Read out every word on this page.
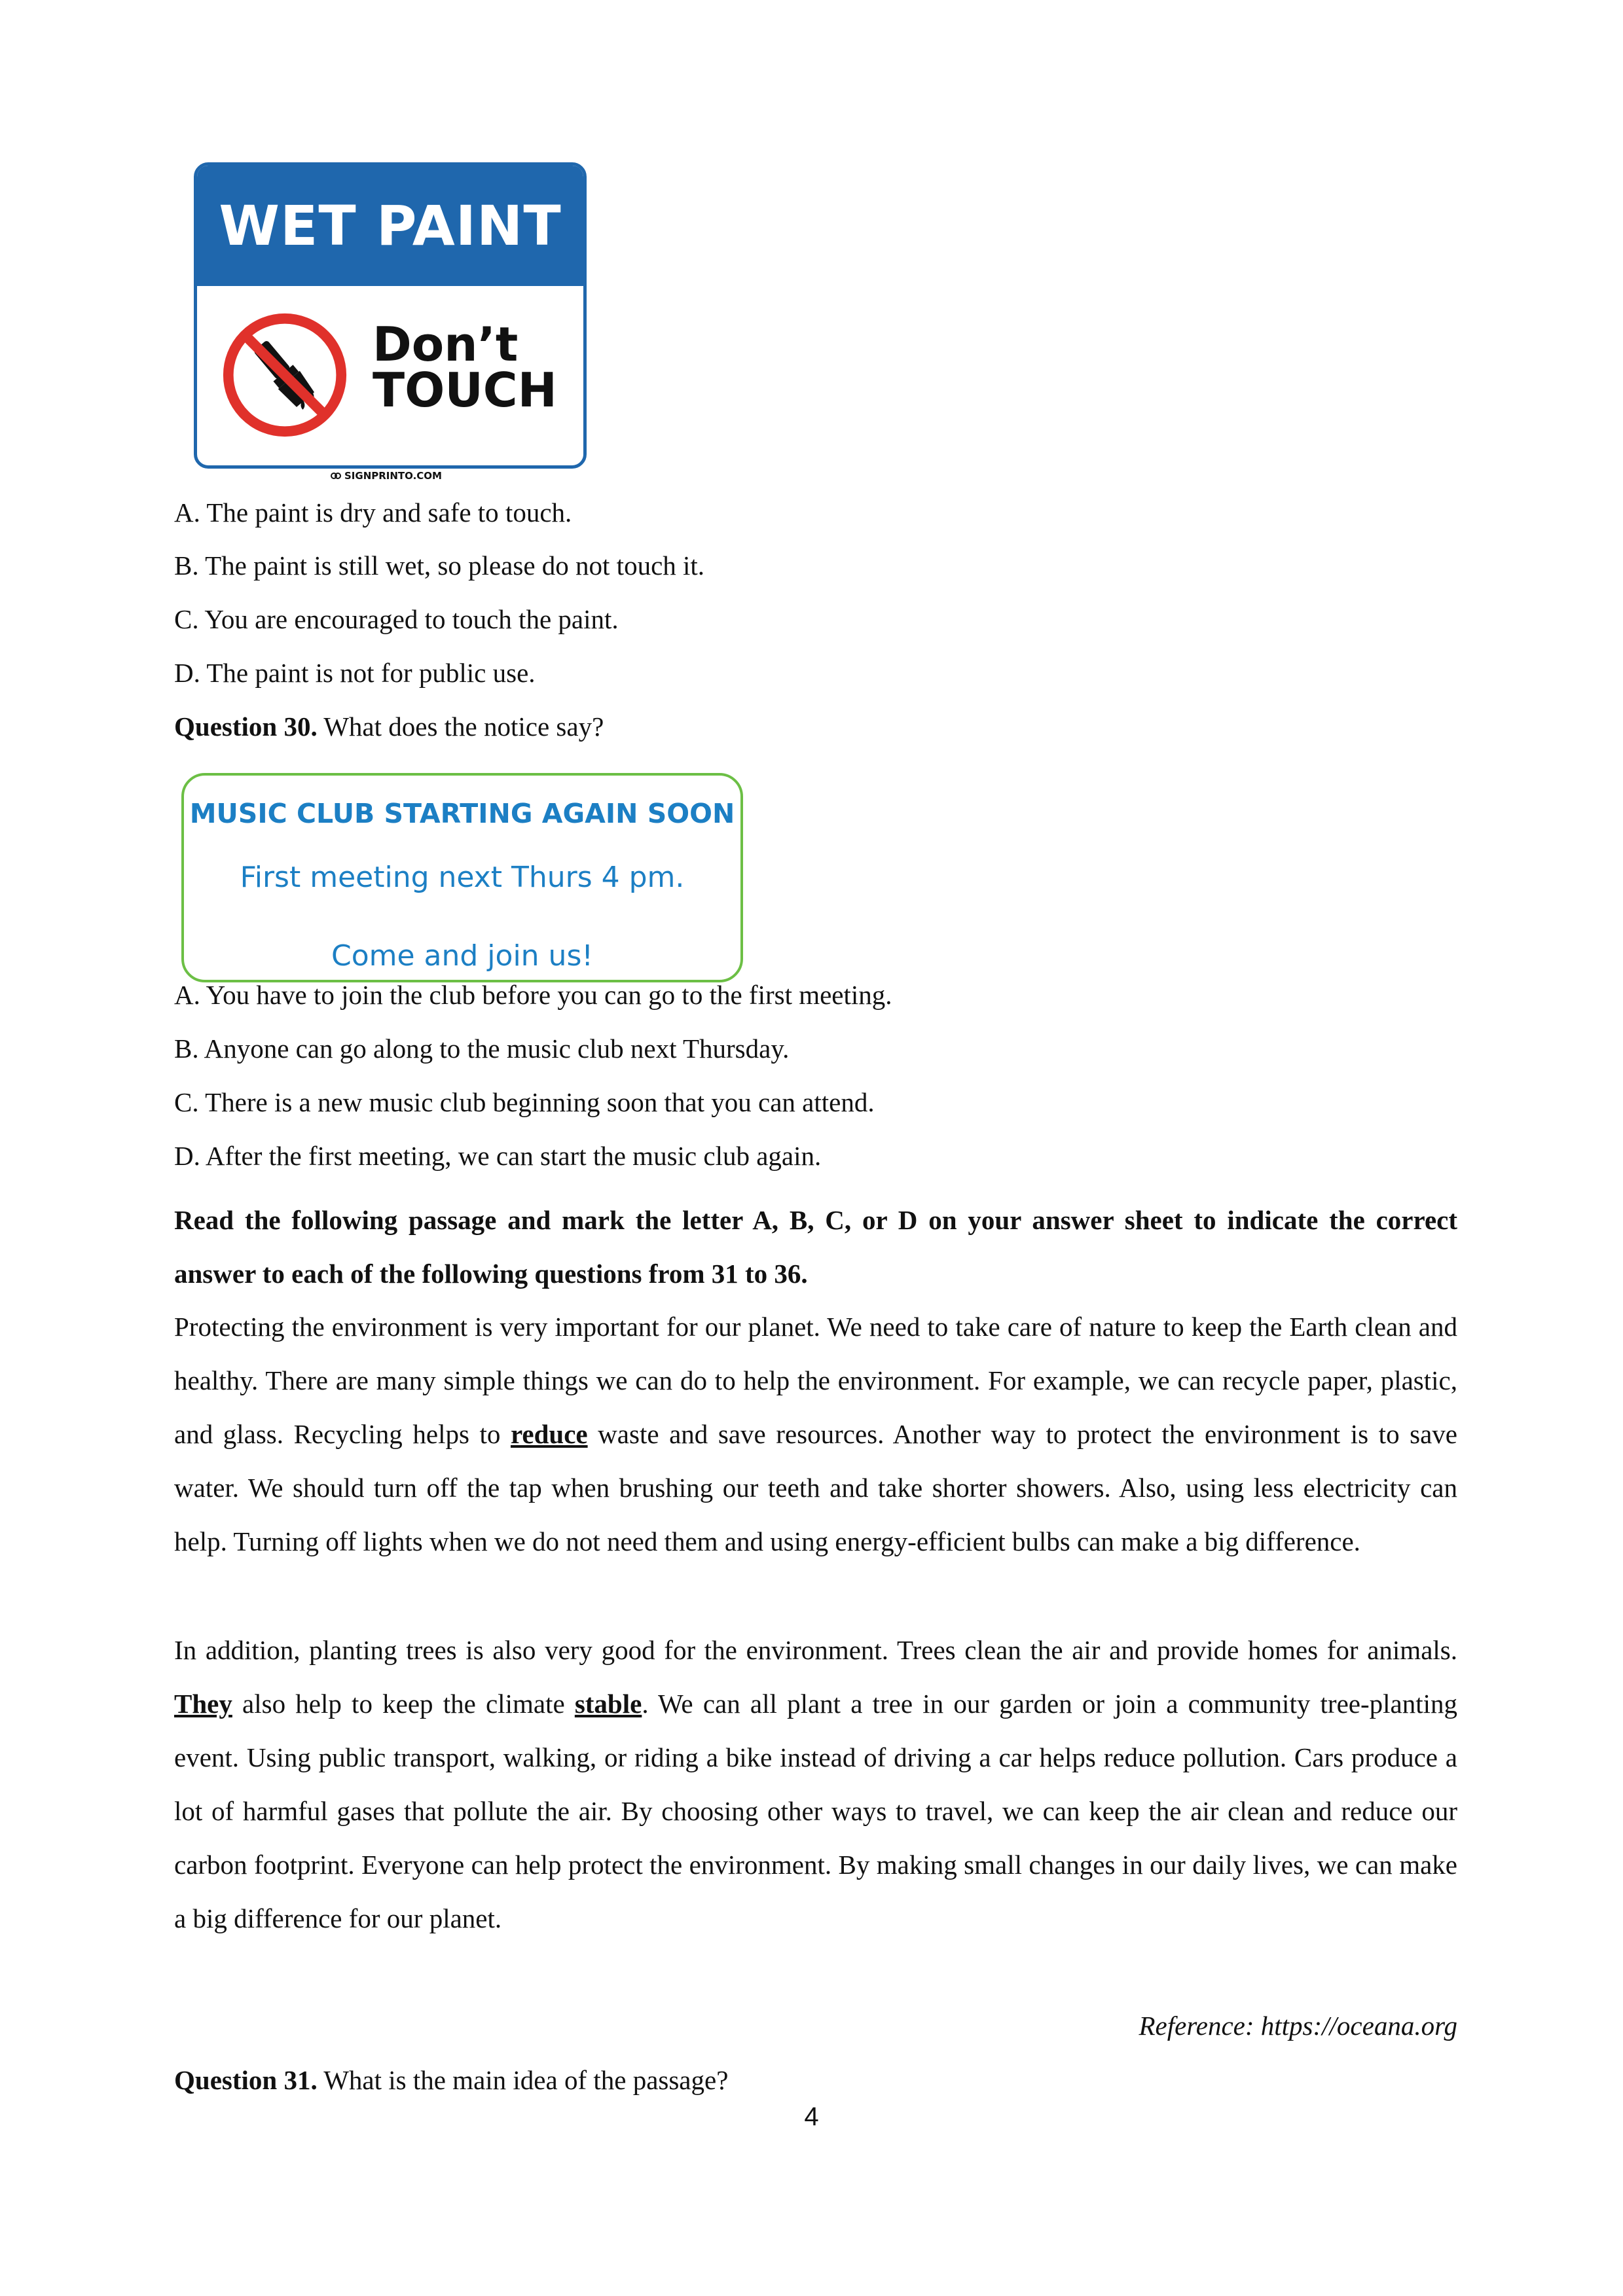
WET PAINT
Don’t
TOUCH
SIGNPRINTO.COM
A. The paint is dry and safe to touch.
B. The paint is still wet, so please do not touch it.
C. You are encouraged to touch the paint.
D. The paint is not for public use.
Question 30. What does the notice say?
MUSIC CLUB STARTING AGAIN SOON
First meeting next Thurs 4 pm.
Come and join us!
A. You have to join the club before you can go to the first meeting.
B. Anyone can go along to the music club next Thursday.
C. There is a new music club beginning soon that you can attend.
D. After the first meeting, we can start the music club again.
Read the following passage and mark the letter A, B, C, or D on your answer sheet to indicate the correct answer to each of the following questions from 31 to 36.
Protecting the environment is very important for our planet. We need to take care of nature to keep the Earth clean and healthy. There are many simple things we can do to help the environment. For example, we can recycle paper, plastic, and glass. Recycling helps to reduce waste and save resources. Another way to protect the environment is to save water. We should turn off the tap when brushing our teeth and take shorter showers. Also, using less electricity can help. Turning off lights when we do not need them and using energy-efficient bulbs can make a big difference.
In addition, planting trees is also very good for the environment. Trees clean the air and provide homes for animals. They also help to keep the climate stable. We can all plant a tree in our garden or join a community tree-planting event. Using public transport, walking, or riding a bike instead of driving a car helps reduce pollution. Cars produce a lot of harmful gases that pollute the air. By choosing other ways to travel, we can keep the air clean and reduce our carbon footprint. Everyone can help protect the environment. By making small changes in our daily lives, we can make a big difference for our planet.
Reference: https://oceana.org
Question 31. What is the main idea of the passage?
4
